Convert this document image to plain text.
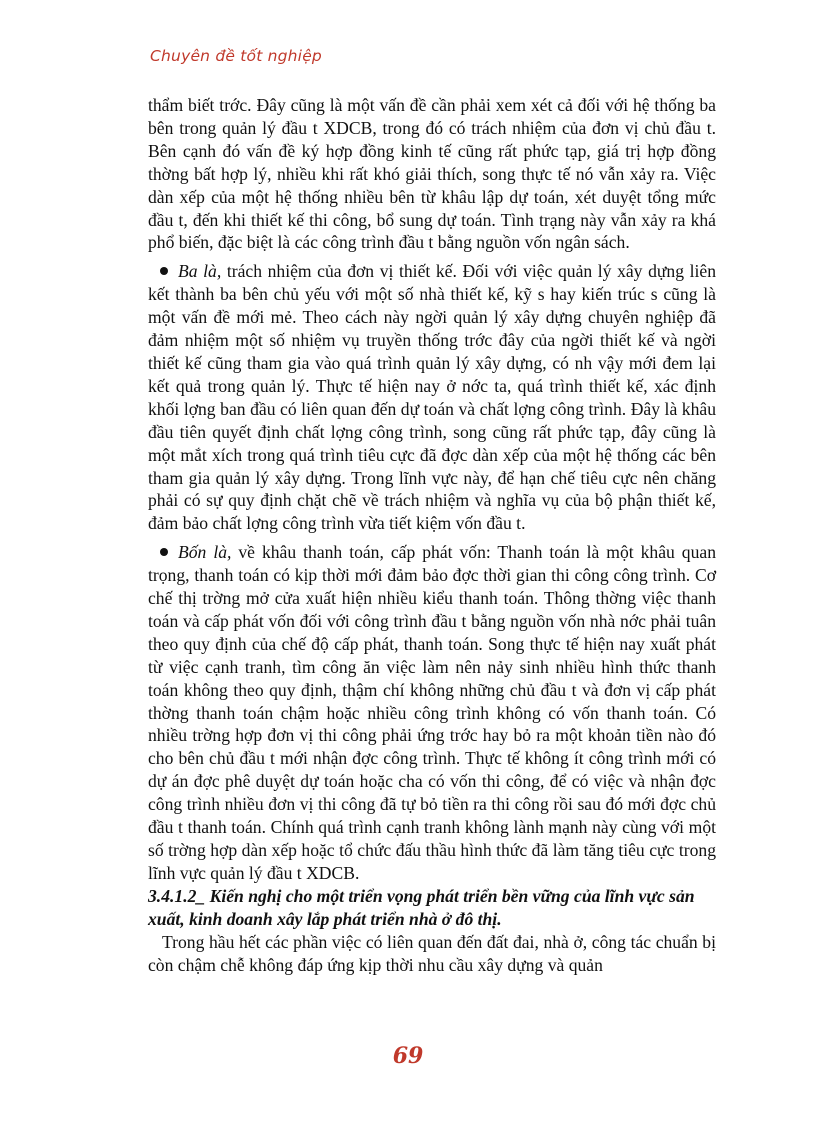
Chuyên đề tốt nghiệp

thẩm biết trớc. Đây cũng là một vấn đề cần phải xem xét cả đối với hệ thống ba bên trong quản lý đầu t XDCB, trong đó có trách nhiệm của đơn vị chủ đầu t. Bên cạnh đó vấn đề ký hợp đồng kinh tế cũng rất phức tạp, giá trị hợp đồng thờng bất hợp lý, nhiều khi rất khó giải thích, song thực tế nó vẫn xảy ra. Việc dàn xếp của một hệ thống nhiều bên từ khâu lập dự toán, xét duyệt tổng mức đầu t, đến khi thiết kế thi công, bổ sung dự toán. Tình trạng này vẫn xảy ra khá phổ biến, đặc biệt là các công trình đầu t bằng nguồn vốn ngân sách.

Ba là, trách nhiệm của đơn vị thiết kế. Đối với việc quản lý xây dựng liên kết thành ba bên chủ yếu với một số nhà thiết kế, kỹ s hay kiến trúc s cũng là một vấn đề mới mẻ. Theo cách này ngời quản lý xây dựng chuyên nghiệp đã đảm nhiệm một số nhiệm vụ truyền thống trớc đây của ngời thiết kế và ngời thiết kế cũng tham gia vào quá trình quản lý xây dựng, có nh vậy mới đem lại kết quả trong quản lý. Thực tế hiện nay ở nớc ta, quá trình thiết kế, xác định khối lợng ban đầu có liên quan đến dự toán và chất lợng công trình. Đây là khâu đầu tiên quyết định chất lợng công trình, song cũng rất phức tạp, đây cũng là một mắt xích trong quá trình tiêu cực đã đợc dàn xếp của một hệ thống các bên tham gia quản lý xây dựng. Trong lĩnh vực này, để hạn chế tiêu cực nên chăng phải có sự quy định chặt chẽ về trách nhiệm và nghĩa vụ của bộ phận thiết kế, đảm bảo chất lợng công trình vừa tiết kiệm vốn đầu t.

Bốn là, về khâu thanh toán, cấp phát vốn: Thanh toán là một khâu quan trọng, thanh toán có kịp thời mới đảm bảo đợc thời gian thi công công trình. Cơ chế thị trờng mở cửa xuất hiện nhiều kiểu thanh toán. Thông thờng việc thanh toán và cấp phát vốn đối với công trình đầu t bằng nguồn vốn nhà nớc phải tuân theo quy định của chế độ cấp phát, thanh toán. Song thực tế hiện nay xuất phát từ việc cạnh tranh, tìm công ăn việc làm nên nảy sinh nhiều hình thức thanh toán không theo quy định, thậm chí không những chủ đầu t và đơn vị cấp phát thờng thanh toán chậm hoặc nhiều công trình không có vốn thanh toán. Có nhiều trờng hợp đơn vị thi công phải ứng trớc hay bỏ ra một khoản tiền nào đó cho bên chủ đầu t mới nhận đợc công trình. Thực tế không ít công trình mới có dự án đợc phê duyệt dự toán hoặc cha có vốn thi công, để có việc và nhận đợc công trình nhiều đơn vị thi công đã tự bỏ tiền ra thi công rồi sau đó mới đợc chủ đầu t thanh toán. Chính quá trình cạnh tranh không lành mạnh này cùng với một số trờng hợp dàn xếp hoặc tổ chức đấu thầu hình thức đã làm tăng tiêu cực trong lĩnh vực quản lý đầu t XDCB.

3.4.1.2_ Kiến nghị cho một triển vọng phát triển bền vững của lĩnh vực sản xuất, kinh doanh xây lắp phát triển nhà ở đô thị.

Trong hầu hết các phần việc có liên quan đến đất đai, nhà ở, công tác chuẩn bị còn chậm chễ không đáp ứng kịp thời nhu cầu xây dựng và quản

69
